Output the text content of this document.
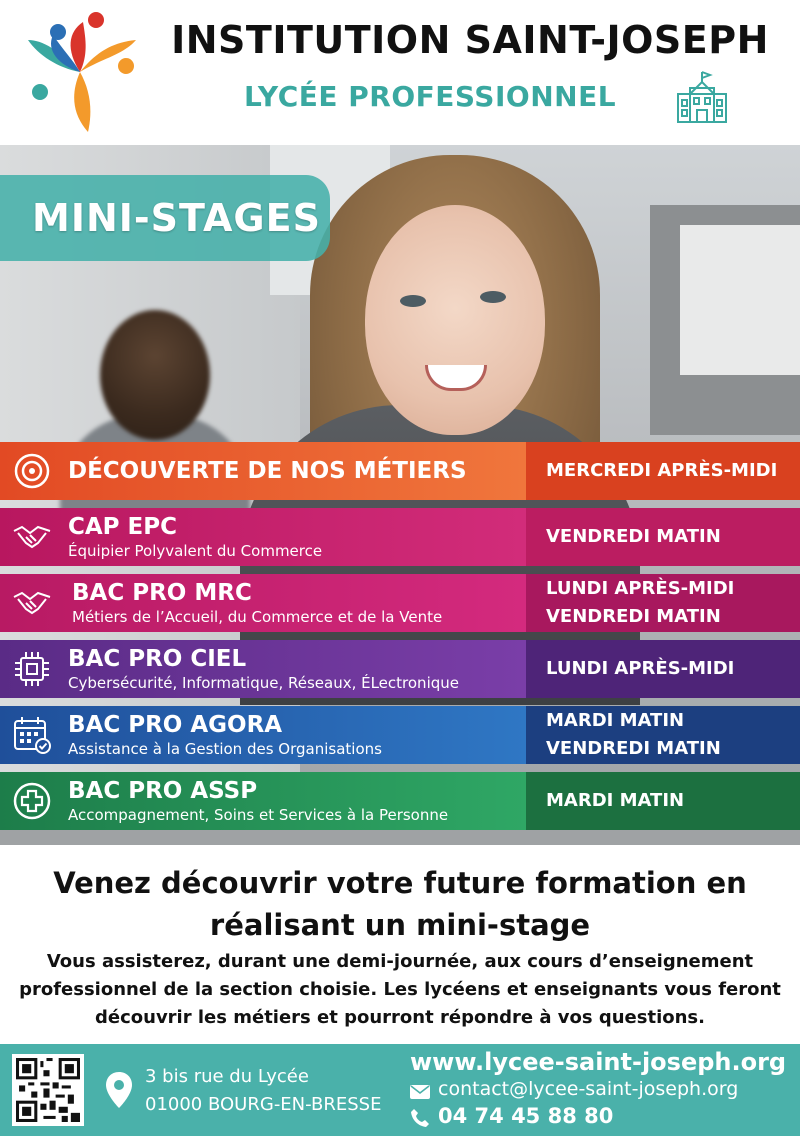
INSTITUTION SAINT-JOSEPH
LYCÉE PROFESSIONNEL
MINI-STAGES
DÉCOUVERTE DE NOS MÉTIERS	MERCREDI APRÈS-MIDI
CAP EPC
Équipier Polyvalent du Commerce
VENDREDI MATIN
BAC PRO MRC
Métiers de l’Accueil, du Commerce et de la Vente
LUNDI APRÈS-MIDI
VENDREDI MATIN
BAC PRO CIEL
Cybersécurité, Informatique, Réseaux, ÉLectronique
LUNDI APRÈS-MIDI
BAC PRO AGORA
Assistance à la Gestion des Organisations
MARDI MATIN
VENDREDI MATIN
BAC PRO ASSP
Accompagnement, Soins et Services à la Personne
MARDI MATIN
Venez découvrir votre future formation en réalisant un mini-stage
Vous assisterez, durant une demi-journée, aux cours d’enseignement professionnel de la section choisie. Les lycéens et enseignants vous feront découvrir les métiers et pourront répondre à vos questions.
3 bis rue du Lycée
01000 BOURG-EN-BRESSE
www.lycee-saint-joseph.org
contact@lycee-saint-joseph.org
04 74 45 88 80
